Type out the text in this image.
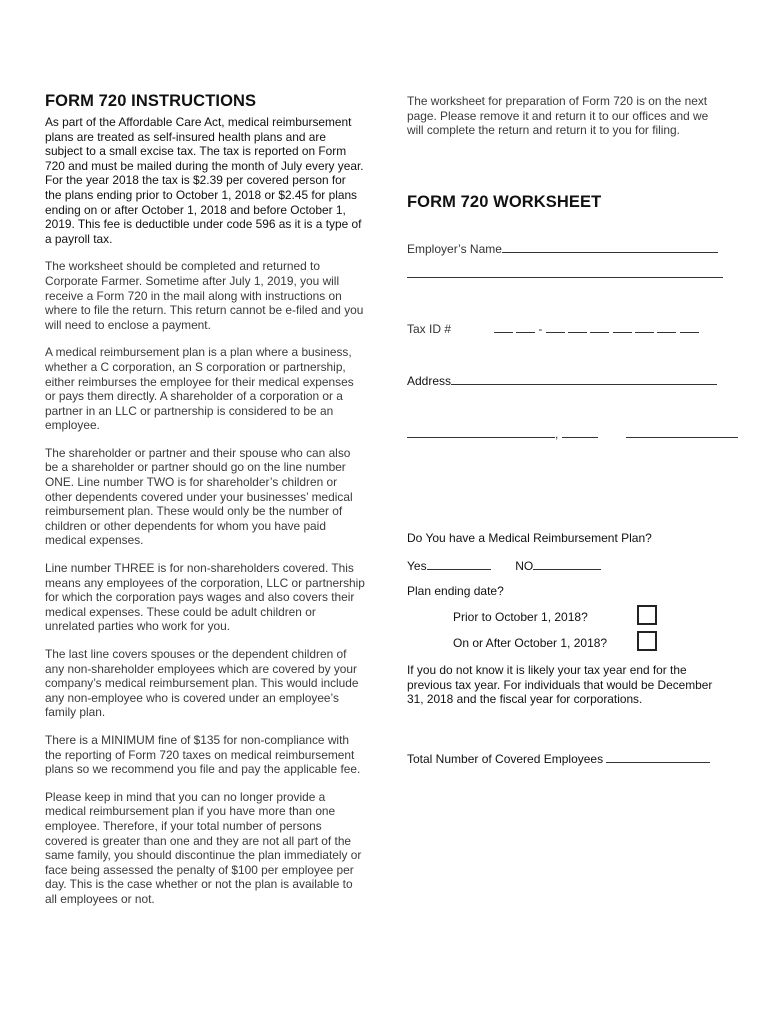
FORM 720 INSTRUCTIONS

As part of the Affordable Care Act, medical reimbursement plans are treated as self-insured health plans and are subject to a small excise tax. The tax is reported on Form 720 and must be mailed during the month of July every year. For the year 2018 the tax is $2.39 per covered person for the plans ending prior to October 1, 2018 or $2.45 for plans ending on or after October 1, 2018 and before October 1, 2019. This fee is deductible under code 596 as it is a type of a payroll tax.

The worksheet should be completed and returned to Corporate Farmer. Sometime after July 1, 2019, you will receive a Form 720 in the mail along with instructions on where to file the return. This return cannot be e-filed and you will need to enclose a payment.

A medical reimbursement plan is a plan where a business, whether a C corporation, an S corporation or partnership, either reimburses the employee for their medical expenses or pays them directly. A shareholder of a corporation or a partner in an LLC or partnership is considered to be an employee.

The shareholder or partner and their spouse who can also be a shareholder or partner should go on the line number ONE. Line number TWO is for shareholder’s children or other dependents covered under your businesses’ medical reimbursement plan. These would only be the number of children or other dependents for whom you have paid medical expenses.

Line number THREE is for non-shareholders covered. This means any employees of the corporation, LLC or partnership for which the corporation pays wages and also covers their medical expenses. These could be adult children or unrelated parties who work for you.

The last line covers spouses or the dependent children of any non-shareholder employees which are covered by your company’s medical reimbursement plan. This would include any non-employee who is covered under an employee’s family plan.

There is a MINIMUM fine of $135 for non-compliance with the reporting of Form 720 taxes on medical reimbursement plans so we recommend you file and pay the applicable fee.

Please keep in mind that you can no longer provide a medical reimbursement plan if you have more than one employee. Therefore, if your total number of persons covered is greater than one and they are not all part of the same family, you should discontinue the plan immediately or face being assessed the penalty of $100 per employee per day. This is the case whether or not the plan is available to all employees or not.

The worksheet for preparation of Form 720 is on the next page. Please remove it and return it to our offices and we will complete the return and return it to you for filing.

FORM 720 WORKSHEET
Employer’s Name
Tax ID #	-
Address
,
Do You have a Medical Reimbursement Plan?
Yes	NO
Plan ending date?
Prior to October 1, 2018?
On or After October 1, 2018?

If you do not know it is likely your tax year end for the previous tax year. For individuals that would be December 31, 2018 and the fiscal year for corporations.

Total Number of Covered Employees
